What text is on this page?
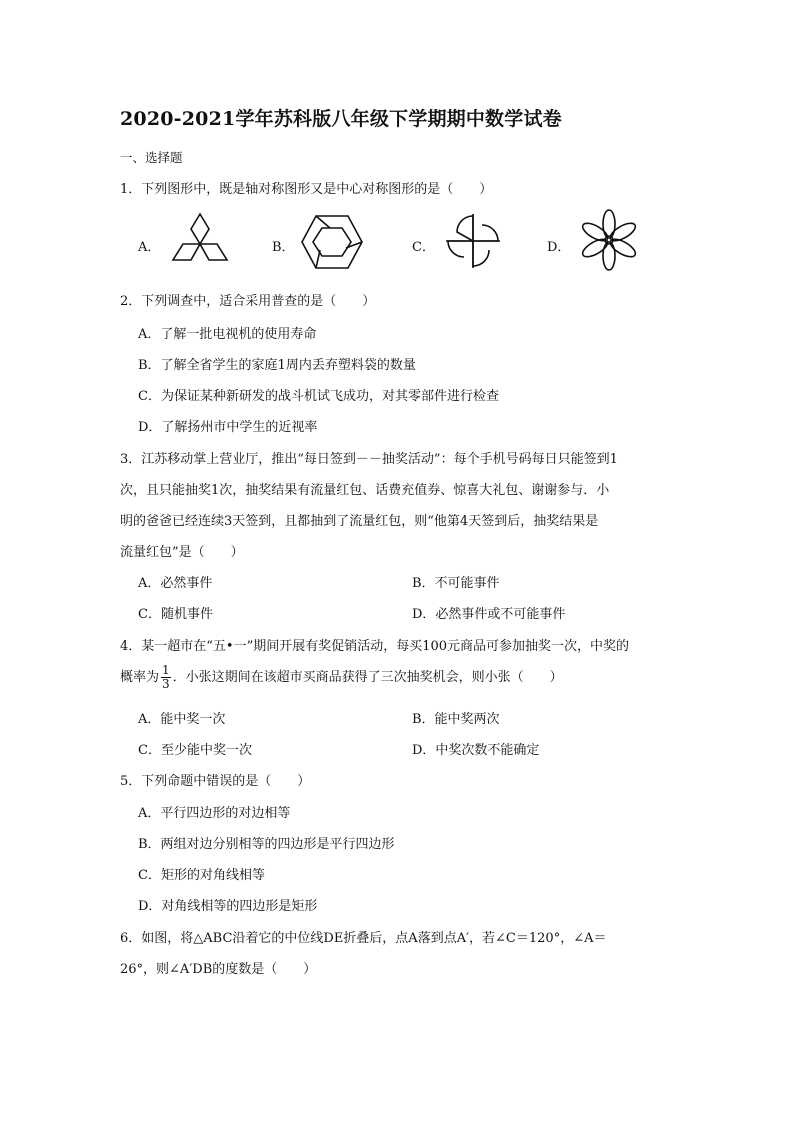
2020-2021学年苏科版八年级下学期期中数学试卷
一、选择题
1．下列图形中，既是轴对称图形又是中心对称图形的是（　　）
A．	B．	C．	D．
2．下列调查中，适合采用普查的是（　　）
A．了解一批电视机的使用寿命
B．了解全省学生的家庭1周内丢弃塑料袋的数量
C．为保证某种新研发的战斗机试飞成功，对其零部件进行检查
D．了解扬州市中学生的近视率
3．江苏移动掌上营业厅，推出“每日签到－－抽奖活动”：每个手机号码每日只能签到1
次，且只能抽奖1次，抽奖结果有流量红包、话费充值券、惊喜大礼包、谢谢参与．小
明的爸爸已经连续3天签到，且都抽到了流量红包，则“他第4天签到后，抽奖结果是
流量红包”是（　　）
A．必然事件	B．不可能事件
C．随机事件	D．必然事件或不可能事件
4．某一超市在“五•一”期间开展有奖促销活动，每买100元商品可参加抽奖一次，中奖的
概率为 $\frac{1}{3}$ ．小张这期间在该超市买商品获得了三次抽奖机会，则小张（　　）
A．能中奖一次	B．能中奖两次
C．至少能中奖一次	D．中奖次数不能确定
5．下列命题中错误的是（　　）
A．平行四边形的对边相等
B．两组对边分别相等的四边形是平行四边形
C．矩形的对角线相等
D．对角线相等的四边形是矩形
6．如图，将△ABC沿着它的中位线DE折叠后，点A落到点A′，若∠C＝120°，∠A＝
26°，则∠A′DB的度数是（　　）
